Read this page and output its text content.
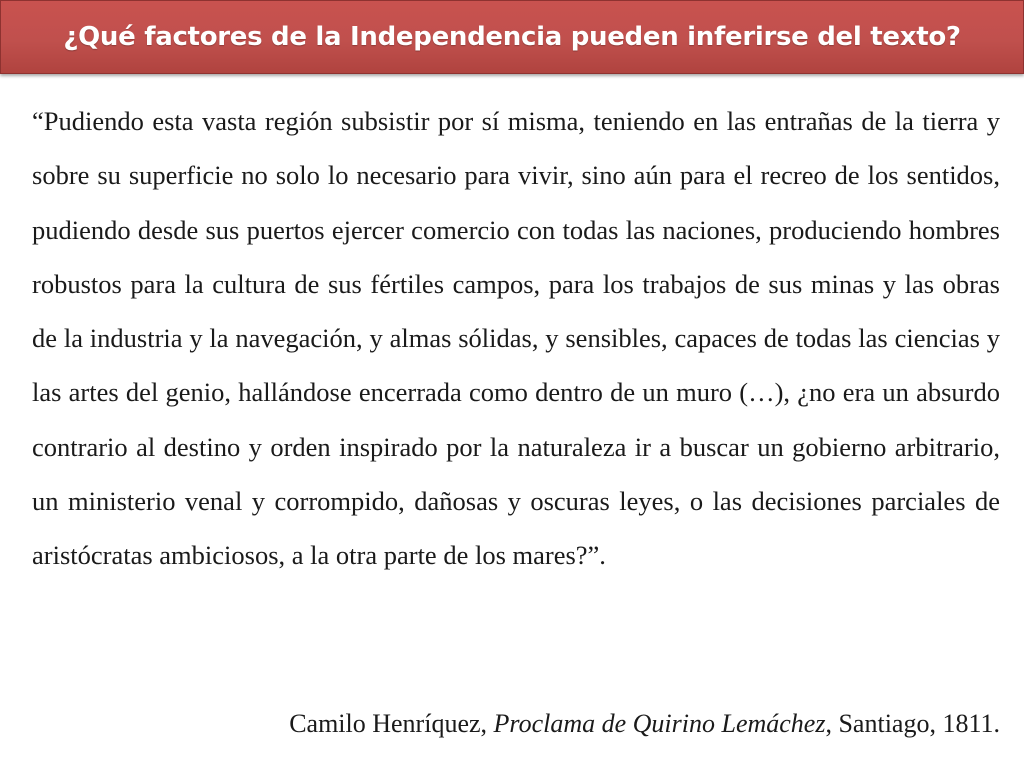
¿Qué factores de la Independencia pueden inferirse del texto?

“Pudiendo esta vasta región subsistir por sí misma, teniendo en las entrañas de la tierra y sobre su superficie no solo lo necesario para vivir, sino aún para el recreo de los sentidos, pudiendo desde sus puertos ejercer comercio con todas las naciones, produciendo hombres robustos para la cultura de sus fértiles campos, para los trabajos de sus minas y las obras de la industria y la navegación, y almas sólidas, y sensibles, capaces de todas las ciencias y las artes del genio, hallándose encerrada como dentro de un muro (…), ¿no era un absurdo contrario al destino y orden inspirado por la naturaleza ir a buscar un gobierno arbitrario, un ministerio venal y corrompido, dañosas y oscuras leyes, o las decisiones parciales de aristócratas ambiciosos, a la otra parte de los mares?”.

Camilo Henríquez, Proclama de Quirino Lemáchez, Santiago, 1811.
